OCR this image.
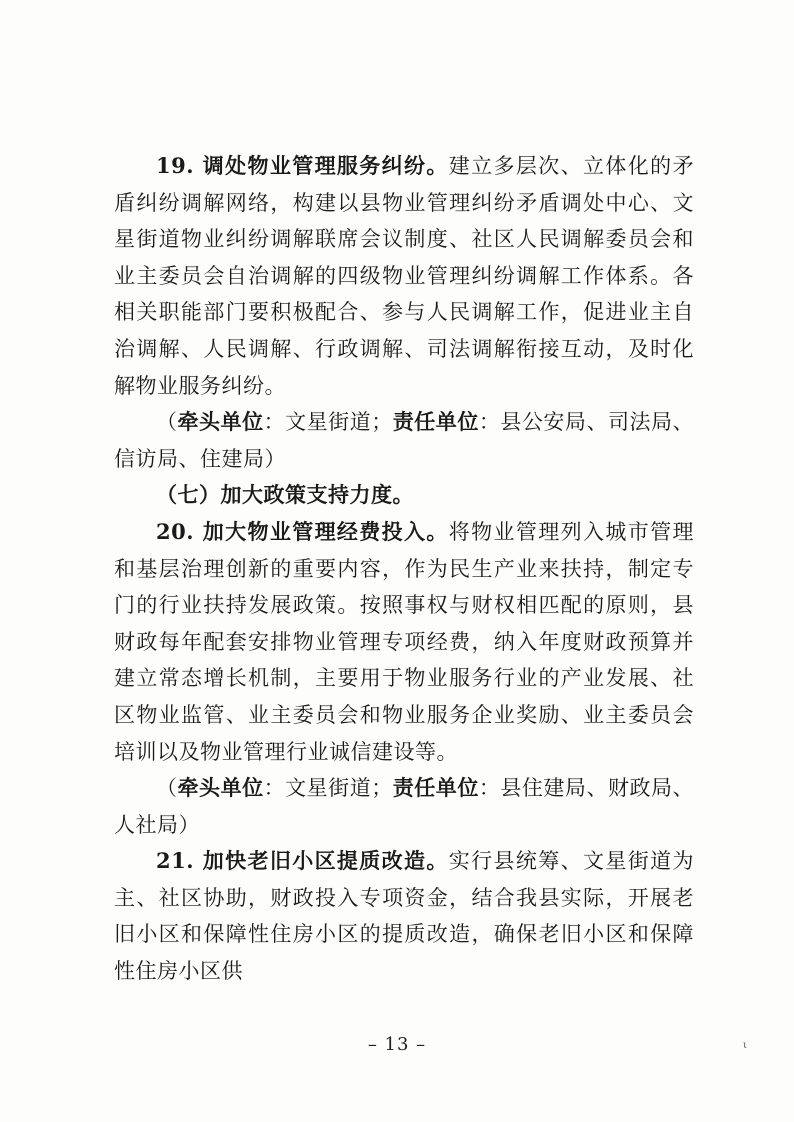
19. 调处物业管理服务纠纷。建立多层次、立体化的矛盾纠纷调解网络，构建以县物业管理纠纷矛盾调处中心、文星街道物业纠纷调解联席会议制度、社区人民调解委员会和业主委员会自治调解的四级物业管理纠纷调解工作体系。各相关职能部门要积极配合、参与人民调解工作，促进业主自治调解、人民调解、行政调解、司法调解衔接互动，及时化解物业服务纠纷。

（牵头单位：文星街道；责任单位：县公安局、司法局、信访局、住建局）

（七）加大政策支持力度。

20. 加大物业管理经费投入。将物业管理列入城市管理和基层治理创新的重要内容，作为民生产业来扶持，制定专门的行业扶持发展政策。按照事权与财权相匹配的原则，县财政每年配套安排物业管理专项经费，纳入年度财政预算并建立常态增长机制，主要用于物业服务行业的产业发展、社区物业监管、业主委员会和物业服务企业奖励、业主委员会培训以及物业管理行业诚信建设等。

（牵头单位：文星街道；责任单位：县住建局、财政局、人社局）

21. 加快老旧小区提质改造。实行县统筹、文星街道为主、社区协助，财政投入专项资金，结合我县实际，开展老旧小区和保障性住房小区的提质改造，确保老旧小区和保障性住房小区供

– 13 –	ι
